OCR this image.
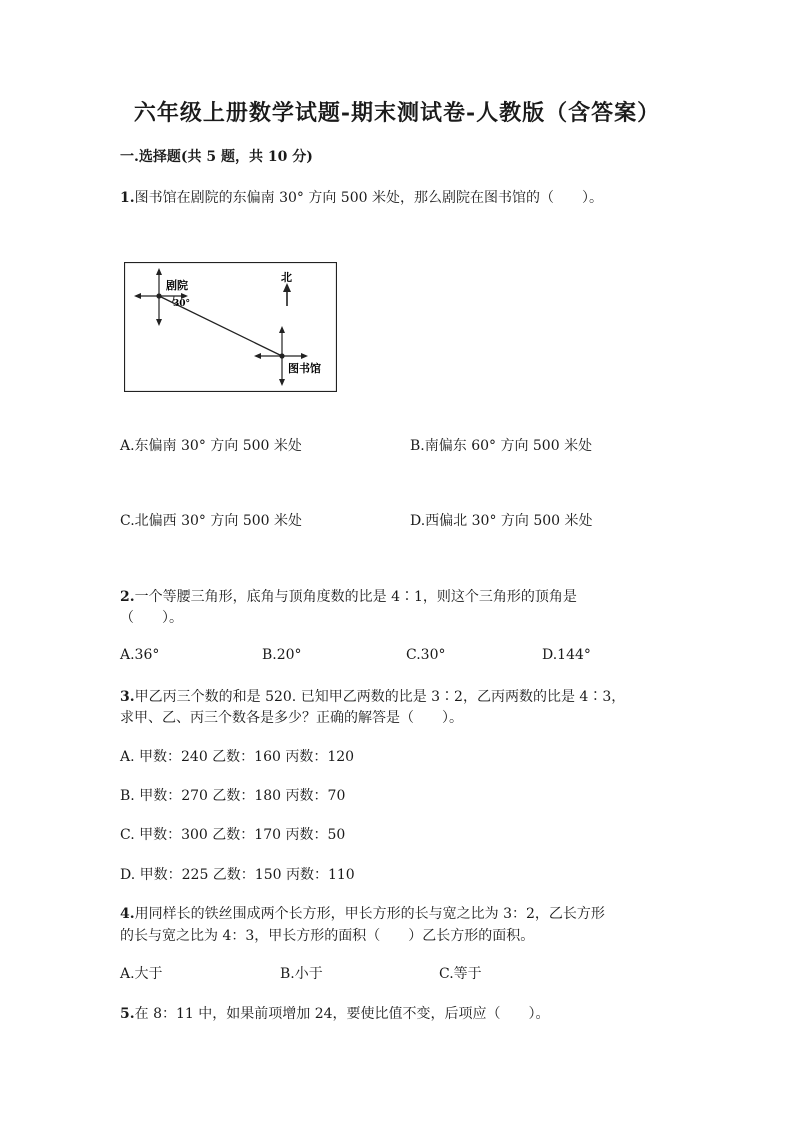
六年级上册数学试题-期末测试卷-人教版（含答案）
一.选择题(共 5 题，共 10 分)
1.图书馆在剧院的东偏南 30° 方向 500 米处，那么剧院在图书馆的（　　）。
北
剧院
30°
图书馆
A.东偏南 30° 方向 500 米处	B.南偏东 60° 方向 500 米处
C.北偏西 30° 方向 500 米处	D.西偏北 30° 方向 500 米处
2.一个等腰三角形，底角与顶角度数的比是 4∶1，则这个三角形的顶角是
（　　）。
A.36°	B.20°	C.30°	D.144°
3.甲乙丙三个数的和是 520. 已知甲乙两数的比是 3∶2，乙丙两数的比是 4∶3，
求甲、乙、丙三个数各是多少？正确的解答是（　　）。
A. 甲数：240 乙数：160 丙数：120
B. 甲数：270 乙数：180 丙数：70
C. 甲数：300 乙数：170 丙数：50
D. 甲数：225 乙数：150 丙数：110
4.用同样长的铁丝围成两个长方形，甲长方形的长与宽之比为 3：2，乙长方形
的长与宽之比为 4：3，甲长方形的面积（　　）乙长方形的面积。
A.大于	B.小于	C.等于
5.在 8：11 中，如果前项增加 24，要使比值不变，后项应（　　）。
